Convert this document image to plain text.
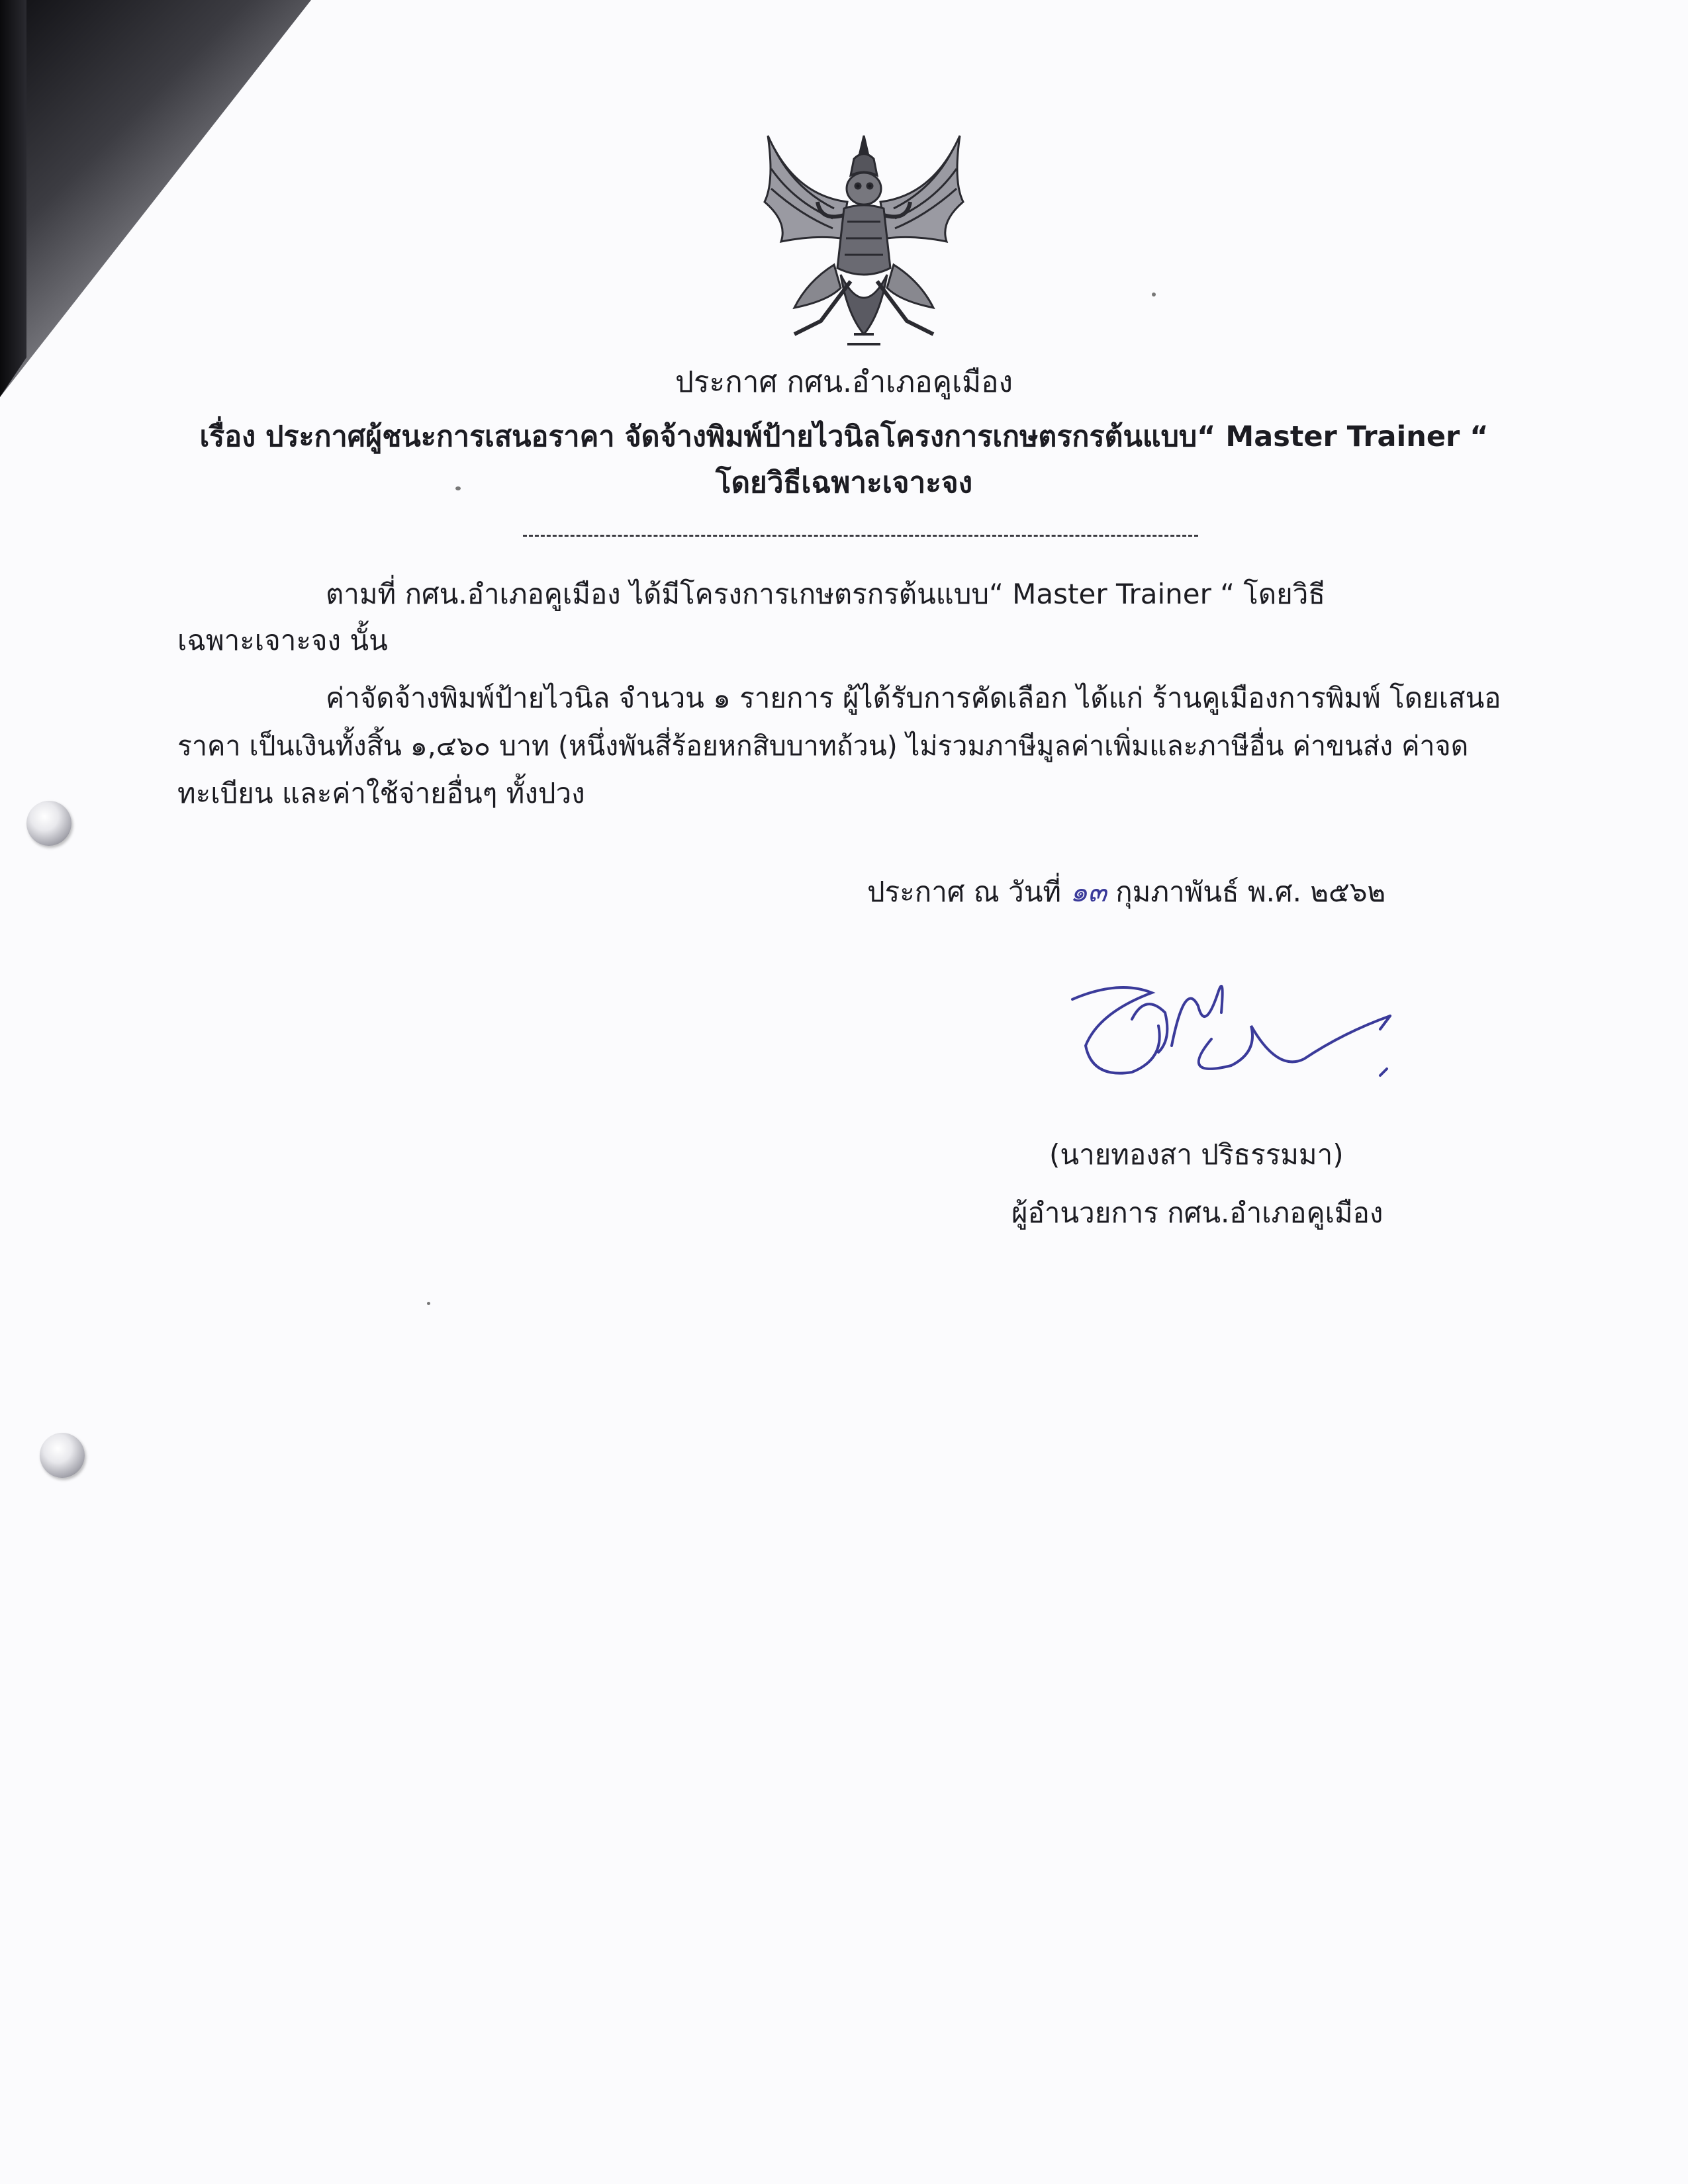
ประกาศ กศน.อำเภอคูเมือง
เรื่อง ประกาศผู้ชนะการเสนอราคา จัดจ้างพิมพ์ป้ายไวนิลโครงการเกษตรกรต้นแบบ“ Master Trainer “
โดยวิธีเฉพาะเจาะจง
ตามที่ กศน.อำเภอคูเมือง ได้มีโครงการเกษตรกรต้นแบบ“ Master Trainer “ โดยวิธี
เฉพาะเจาะจง นั้น
ค่าจัดจ้างพิมพ์ป้ายไวนิล จำนวน ๑ รายการ ผู้ได้รับการคัดเลือก ได้แก่ ร้านคูเมืองการพิมพ์ โดยเสนอ
ราคา เป็นเงินทั้งสิ้น ๑,๔๖๐ บาท (หนึ่งพันสี่ร้อยหกสิบบาทถ้วน) ไม่รวมภาษีมูลค่าเพิ่มและภาษีอื่น ค่าขนส่ง ค่าจด
ทะเบียน และค่าใช้จ่ายอื่นๆ ทั้งปวง
ประกาศ ณ วันที่ ๑๓ กุมภาพันธ์ พ.ศ. ๒๕๖๒
(นายทองสา ปริธรรมมา)
ผู้อำนวยการ กศน.อำเภอคูเมือง
